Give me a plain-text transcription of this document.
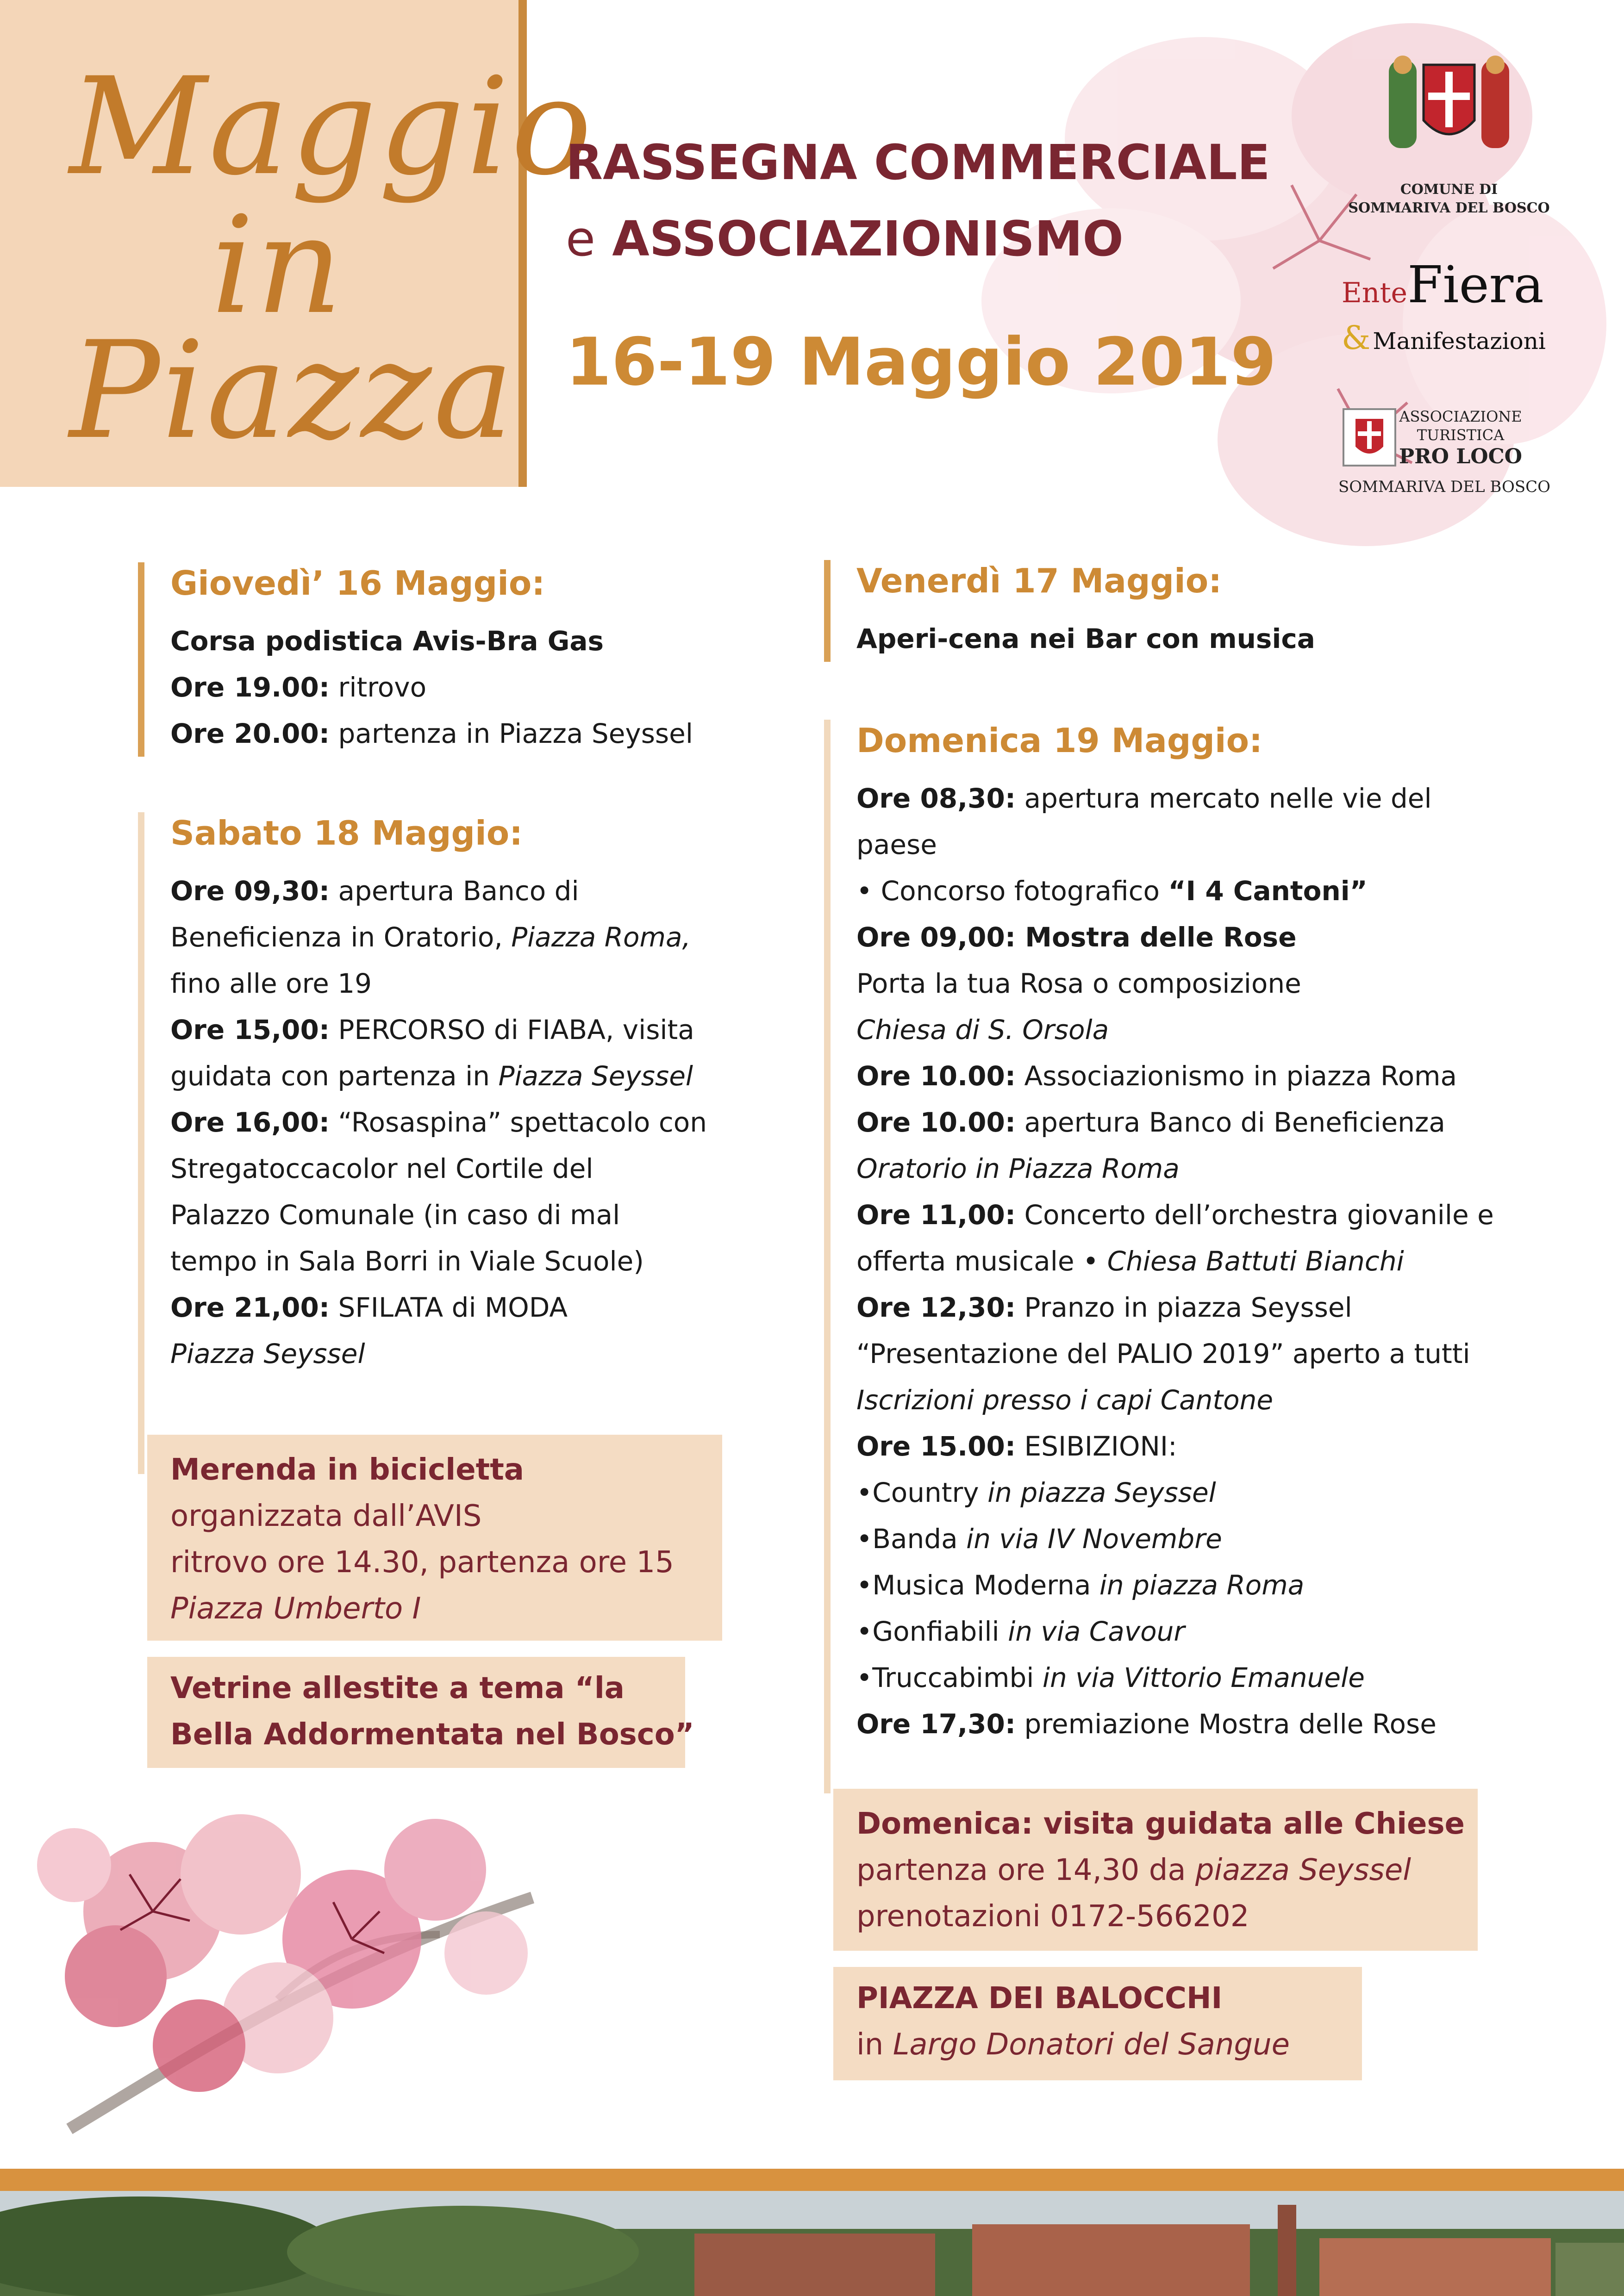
Maggio
in
Piazza
RASSEGNA COMMERCIALE
e ASSOCIAZIONISMO
16-19 Maggio 2019
COMUNE DI
SOMMARIVA DEL BOSCO
EnteFiera
& Manifestazioni
ASSOCIAZIONE
TURISTICA
PRO LOCO
SOMMARIVA DEL BOSCO
Giovedì’ 16 Maggio:
Corsa podistica Avis-Bra Gas
Ore 19.00: ritrovo
Ore 20.00: partenza in Piazza Seyssel
Sabato 18 Maggio:
Ore 09,30: apertura Banco di
Beneficienza in Oratorio, Piazza Roma,
fino alle ore 19
Ore 15,00: PERCORSO di FIABA, visita
guidata con partenza in Piazza Seyssel
Ore 16,00: “Rosaspina” spettacolo con
Stregatoccacolor nel Cortile del
Palazzo Comunale (in caso di mal
tempo in Sala Borri in Viale Scuole)
Ore 21,00: SFILATA di MODA
Piazza Seyssel
Merenda in bicicletta
organizzata dall’AVIS
ritrovo ore 14.30, partenza ore 15
Piazza Umberto I
Vetrine allestite a tema “la
Bella Addormentata nel Bosco”
Venerdì 17 Maggio:
Aperi-cena nei Bar con musica
Domenica 19 Maggio:
Ore 08,30: apertura mercato nelle vie del
paese
• Concorso fotografico “I 4 Cantoni”
Ore 09,00: Mostra delle Rose
Porta la tua Rosa o composizione
Chiesa di S. Orsola
Ore 10.00: Associazionismo in piazza Roma
Ore 10.00: apertura Banco di Beneficienza
Oratorio in Piazza Roma
Ore 11,00: Concerto dell’orchestra giovanile e
offerta musicale • Chiesa Battuti Bianchi
Ore 12,30: Pranzo in piazza Seyssel
“Presentazione del PALIO 2019” aperto a tutti
Iscrizioni presso i capi Cantone
Ore 15.00: ESIBIZIONI:
•Country in piazza Seyssel
•Banda in via IV Novembre
•Musica Moderna in piazza Roma
•Gonfiabili in via Cavour
•Truccabimbi in via Vittorio Emanuele
Ore 17,30: premiazione Mostra delle Rose
Domenica: visita guidata alle Chiese
partenza ore 14,30 da piazza Seyssel
prenotazioni 0172-566202
PIAZZA DEI BALOCCHI
in Largo Donatori del Sangue
